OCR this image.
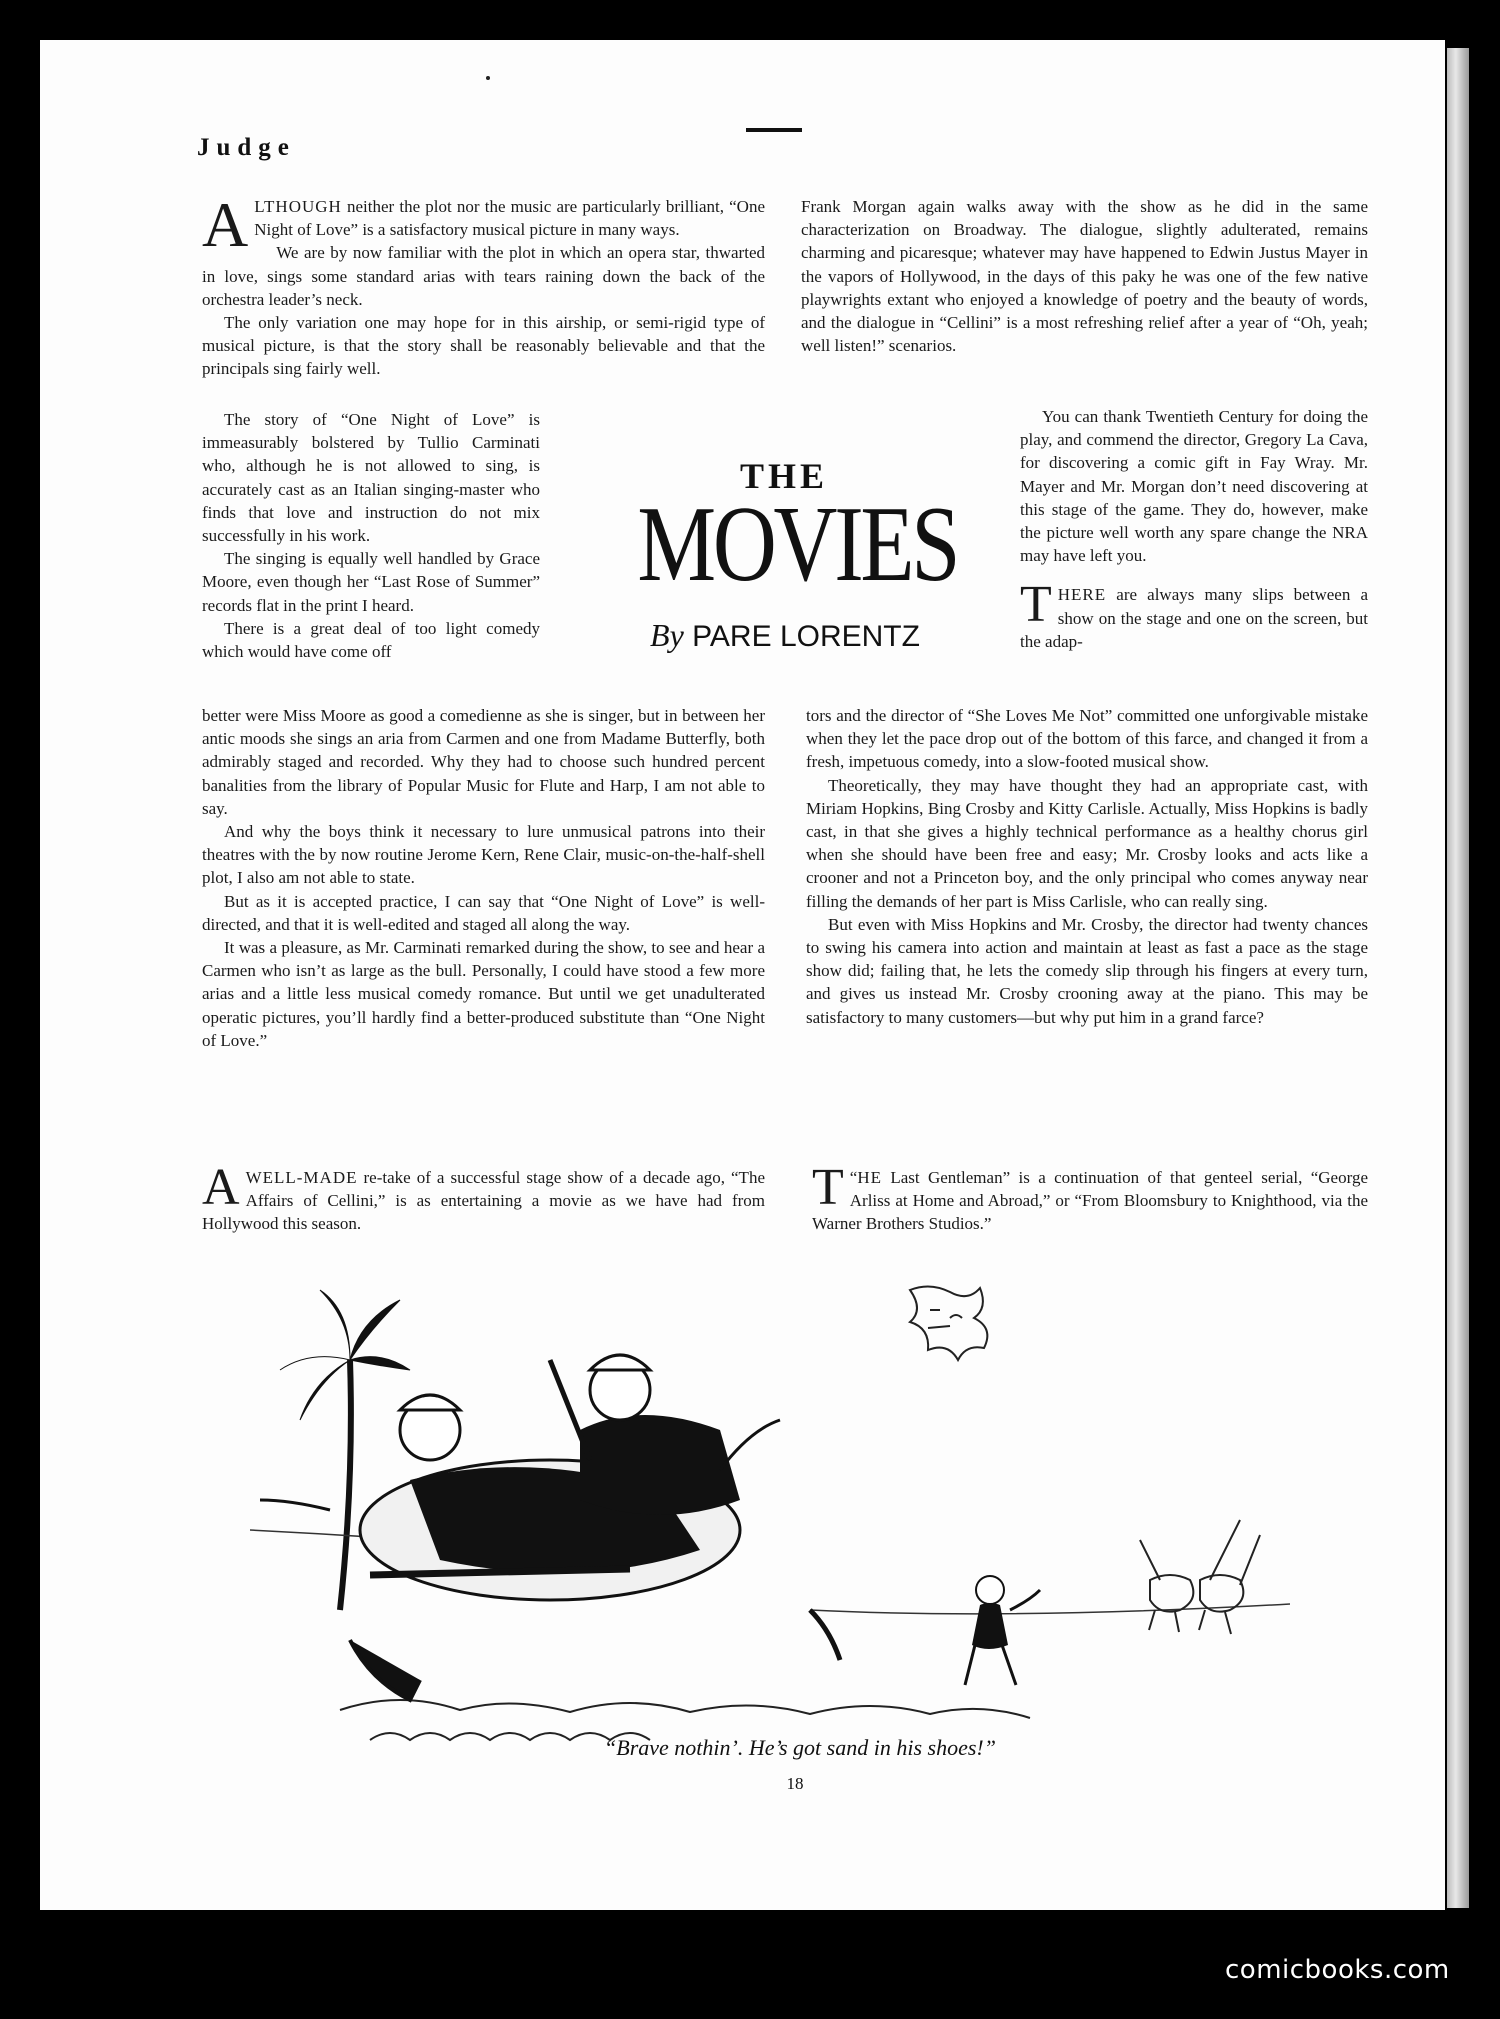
Judge

ALTHOUGH neither the plot nor the music are particularly brilliant, “One Night of Love” is a satisfactory musical picture in many ways.

We are by now familiar with the plot in which an opera star, thwarted in love, sings some standard arias with tears raining down the back of the orchestra leader’s neck.

The only variation one may hope for in this airship, or semi-rigid type of musical picture, is that the story shall be reasonably believable and that the principals sing fairly well.

The story of “One Night of Love” is immeasurably bolstered by Tullio Carminati who, although he is not allowed to sing, is accurately cast as an Italian singing-master who finds that love and instruction do not mix successfully in his work.

The singing is equally well handled by Grace Moore, even though her “Last Rose of Summer” records flat in the print I heard.

There is a great deal of too light comedy which would have come off

better were Miss Moore as good a comedienne as she is singer, but in between her antic moods she sings an aria from Carmen and one from Madame Butterfly, both admirably staged and recorded. Why they had to choose such hundred percent banalities from the library of Popular Music for Flute and Harp, I am not able to say.

And why the boys think it necessary to lure unmusical patrons into their theatres with the by now routine Jerome Kern, Rene Clair, music-on-the-half-shell plot, I also am not able to state.

But as it is accepted practice, I can say that “One Night of Love” is well-directed, and that it is well-edited and staged all along the way.

It was a pleasure, as Mr. Carminati remarked during the show, to see and hear a Carmen who isn’t as large as the bull. Personally, I could have stood a few more arias and a little less musical comedy romance. But until we get unadulterated operatic pictures, you’ll hardly find a better-produced substitute than “One Night of Love.”

AWELL-MADE re-take of a successful stage show of a decade ago, “The Affairs of Cellini,” is as entertaining a movie as we have had from Hollywood this season.

THE
MOVIES
By PARE LORENTZ

Frank Morgan again walks away with the show as he did in the same characterization on Broadway. The dialogue, slightly adulterated, remains charming and picaresque; whatever may have happened to Edwin Justus Mayer in the vapors of Hollywood, in the days of this paky he was one of the few native playwrights extant who enjoyed a knowledge of poetry and the beauty of words, and the dialogue in “Cellini” is a most refreshing relief after a year of “Oh, yeah; well listen!” scenarios.

You can thank Twentieth Century for doing the play, and commend the director, Gregory La Cava, for discovering a comic gift in Fay Wray. Mr. Mayer and Mr. Morgan don’t need discovering at this stage of the game. They do, however, make the picture well worth any spare change the NRA may have left you.

THERE are always many slips between a show on the stage and one on the screen, but the adap-

tors and the director of “She Loves Me Not” committed one unforgivable mistake when they let the pace drop out of the bottom of this farce, and changed it from a fresh, impetuous comedy, into a slow-footed musical show.

Theoretically, they may have thought they had an appropriate cast, with Miriam Hopkins, Bing Crosby and Kitty Carlisle. Actually, Miss Hopkins is badly cast, in that she gives a highly technical performance as a healthy chorus girl when she should have been free and easy; Mr. Crosby looks and acts like a crooner and not a Princeton boy, and the only principal who comes anyway near filling the demands of her part is Miss Carlisle, who can really sing.

But even with Miss Hopkins and Mr. Crosby, the director had twenty chances to swing his camera into action and maintain at least as fast a pace as the stage show did; failing that, he lets the comedy slip through his fingers at every turn, and gives us instead Mr. Crosby crooning away at the piano. This may be satisfactory to many customers—but why put him in a grand farce?

“
T HE Last Gentleman” is a continuation of that genteel serial, “George Arliss at Home and Abroad,” or “From Bloomsbury to Knighthood, via the Warner Brothers Studios.”

“Brave nothin’. He’s got sand in his shoes!”
18
comicbooks.com
